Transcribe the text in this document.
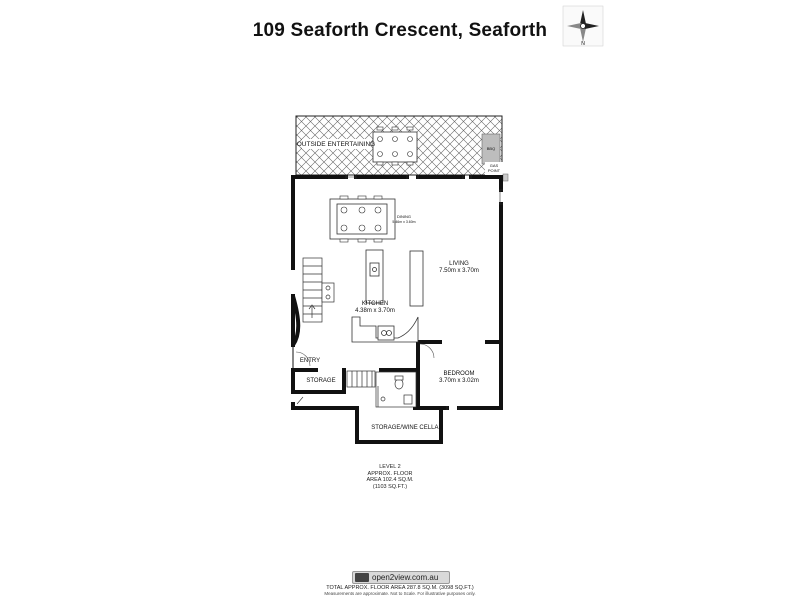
109 Seaforth Crescent, Seaforth
N
OUTSIDE ENTERTAINING
BBQ
GAS
POINT
DINING
5.46m x 3.60m
KITCHEN
4.38m x 3.70m
LIVING
7.50m x 3.70m
ENTRY
STORAGE
BEDROOM
3.70m x 3.02m
STORAGE/WINE CELLAR
LEVEL 2
APPROX. FLOOR
AREA 102.4 SQ.M.
(1103 SQ.FT.)
open2view.com.au
TOTAL APPROX. FLOOR AREA 287.8 SQ.M. (3098 SQ.FT.)
Measurements are approximate. Not to Scale. For illustrative purposes only.
